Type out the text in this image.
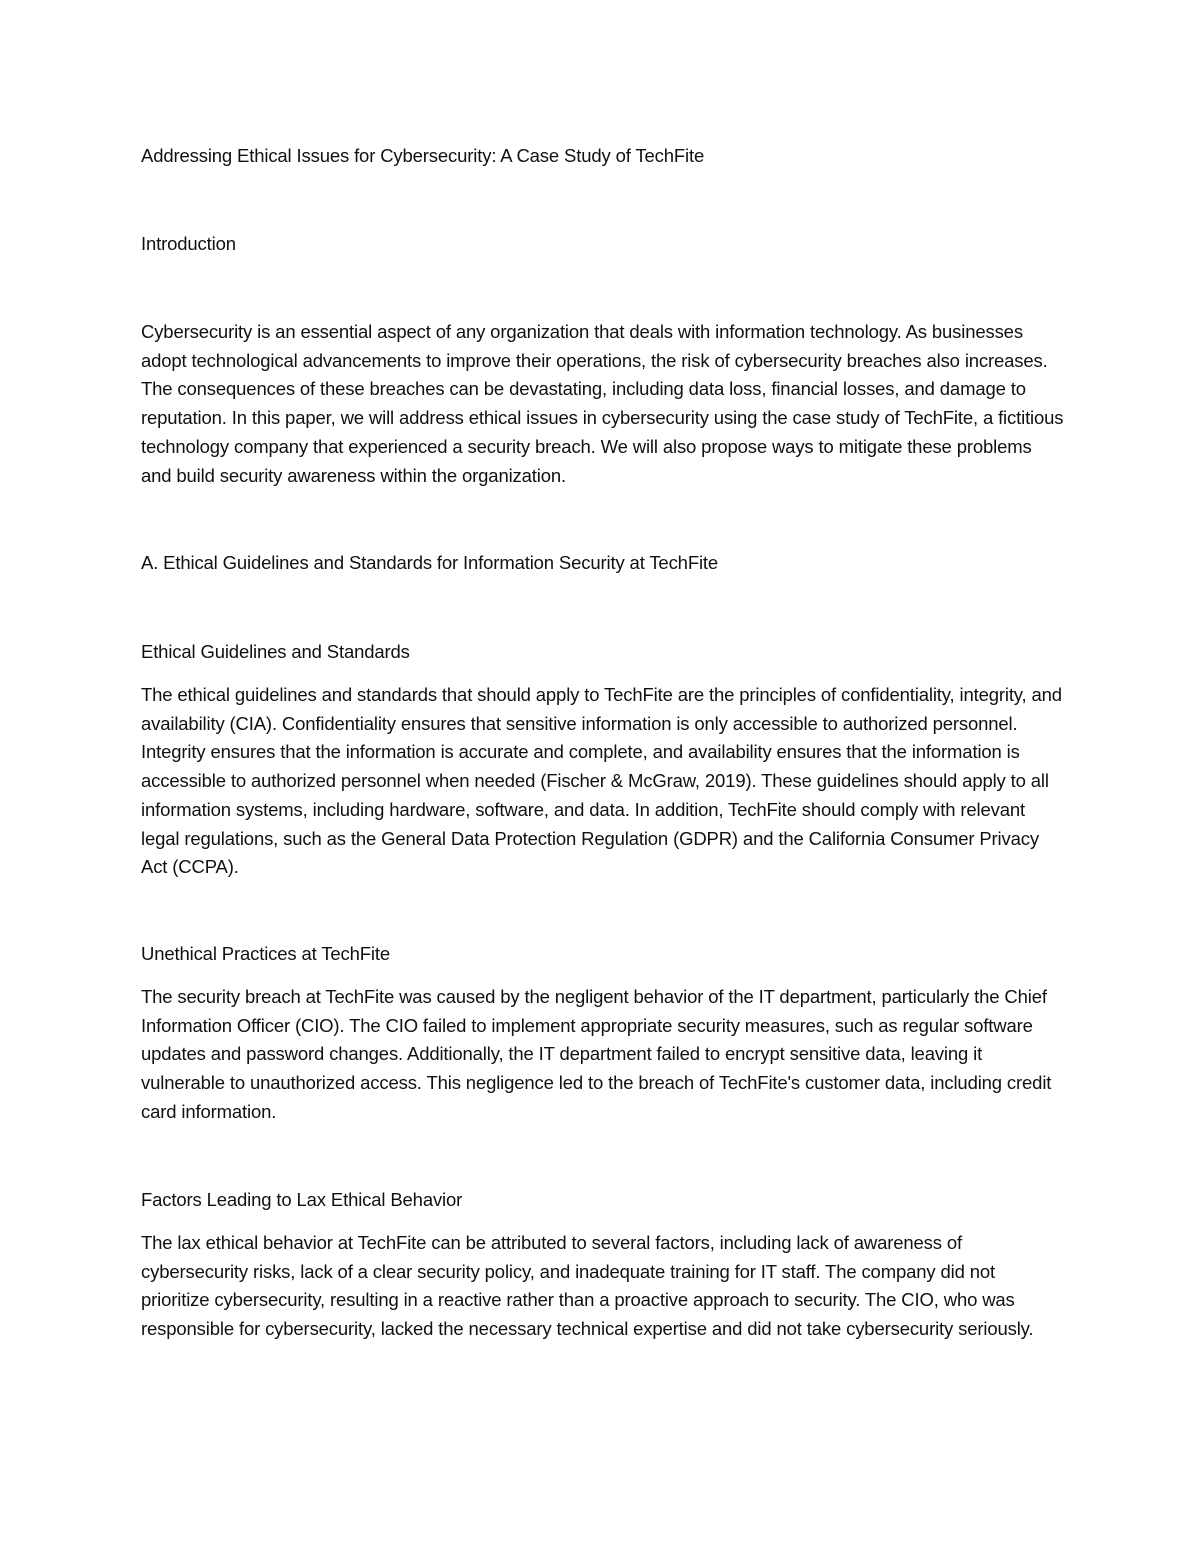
Addressing Ethical Issues for Cybersecurity: A Case Study of TechFite

Introduction

Cybersecurity is an essential aspect of any organization that deals with information technology. As businesses adopt technological advancements to improve their operations, the risk of cybersecurity breaches also increases. The consequences of these breaches can be devastating, including data loss, financial losses, and damage to reputation. In this paper, we will address ethical issues in cybersecurity using the case study of TechFite, a fictitious technology company that experienced a security breach. We will also propose ways to mitigate these problems and build security awareness within the organization.

A. Ethical Guidelines and Standards for Information Security at TechFite

Ethical Guidelines and Standards

The ethical guidelines and standards that should apply to TechFite are the principles of confidentiality, integrity, and availability (CIA). Confidentiality ensures that sensitive information is only accessible to authorized personnel. Integrity ensures that the information is accurate and complete, and availability ensures that the information is accessible to authorized personnel when needed (Fischer & McGraw, 2019). These guidelines should apply to all information systems, including hardware, software, and data. In addition, TechFite should comply with relevant legal regulations, such as the General Data Protection Regulation (GDPR) and the California Consumer Privacy Act (CCPA).

Unethical Practices at TechFite

The security breach at TechFite was caused by the negligent behavior of the IT department, particularly the Chief Information Officer (CIO). The CIO failed to implement appropriate security measures, such as regular software updates and password changes. Additionally, the IT department failed to encrypt sensitive data, leaving it vulnerable to unauthorized access. This negligence led to the breach of TechFite's customer data, including credit card information.

Factors Leading to Lax Ethical Behavior

The lax ethical behavior at TechFite can be attributed to several factors, including lack of awareness of cybersecurity risks, lack of a clear security policy, and inadequate training for IT staff. The company did not prioritize cybersecurity, resulting in a reactive rather than a proactive approach to security. The CIO, who was responsible for cybersecurity, lacked the necessary technical expertise and did not take cybersecurity seriously.
